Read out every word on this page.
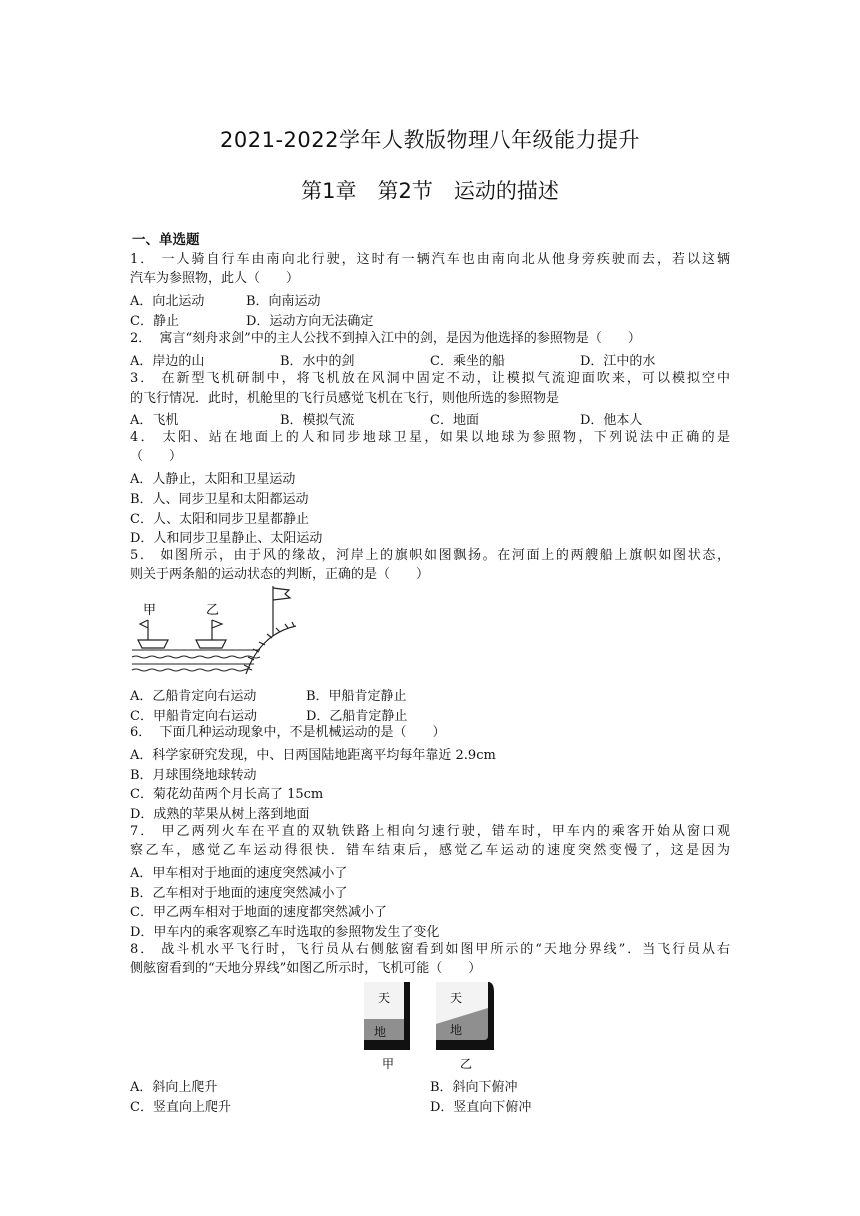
2021-2022学年人教版物理八年级能力提升
第1章　第2节　运动的描述
一、单选题
1． 一人骑自行车由南向北行驶，这时有一辆汽车也由南向北从他身旁疾驶而去，若以这辆
汽车为参照物，此人（　　）
A．向北运动	B．向南运动
C．静止	D．运动方向无法确定
2．  寓言“刻舟求剑”中的主人公找不到掉入江中的剑，是因为他选择的参照物是（　　）
A．岸边的山	B．水中的剑	C．乘坐的船	D．江中的水
3． 在新型飞机研制中，将飞机放在风洞中固定不动，让模拟气流迎面吹来，可以模拟空中
的飞行情况．此时，机舱里的飞行员感觉飞机在飞行，则他所选的参照物是
A．飞机	B．模拟气流	C．地面	D．他本人
4． 太阳、站在地面上的人和同步地球卫星，如果以地球为参照物，下列说法中正确的是
（　　）
A．人静止，太阳和卫星运动
B．人、同步卫星和太阳都运动
C．人、太阳和同步卫星都静止
D．人和同步卫星静止、太阳运动
5． 如图所示，由于风的缘故，河岸上的旗帜如图飘扬。在河面上的两艘船上旗帜如图状态，
则关于两条船的运动状态的判断，正确的是（　　）
甲	乙
A．乙船肯定向右运动	B．甲船肯定静止
C．甲船肯定向右运动	D．乙船肯定静止
6．  下面几种运动现象中，不是机械运动的是（　　）
A．科学家研究发现，中、日两国陆地距离平均每年靠近 2.9cm
B．月球围绕地球转动
C．菊花幼苗两个月长高了 15cm
D．成熟的苹果从树上落到地面
7． 甲乙两列火车在平直的双轨铁路上相向匀速行驶，错车时，甲车内的乘客开始从窗口观
察乙车，感觉乙车运动得很快．错车结束后，感觉乙车运动的速度突然变慢了，这是因为
A．甲车相对于地面的速度突然减小了
B．乙车相对于地面的速度突然减小了
C．甲乙两车相对于地面的速度都突然减小了
D．甲车内的乘客观察乙车时选取的参照物发生了变化
8． 战斗机水平飞行时，飞行员从右侧舷窗看到如图甲所示的“天地分界线”．当飞行员从右
侧舷窗看到的“天地分界线”如图乙所示时，飞机可能（　　）
天
地
天
地
甲	乙
A．斜向上爬升	B．斜向下俯冲
C．竖直向上爬升	D．竖直向下俯冲
